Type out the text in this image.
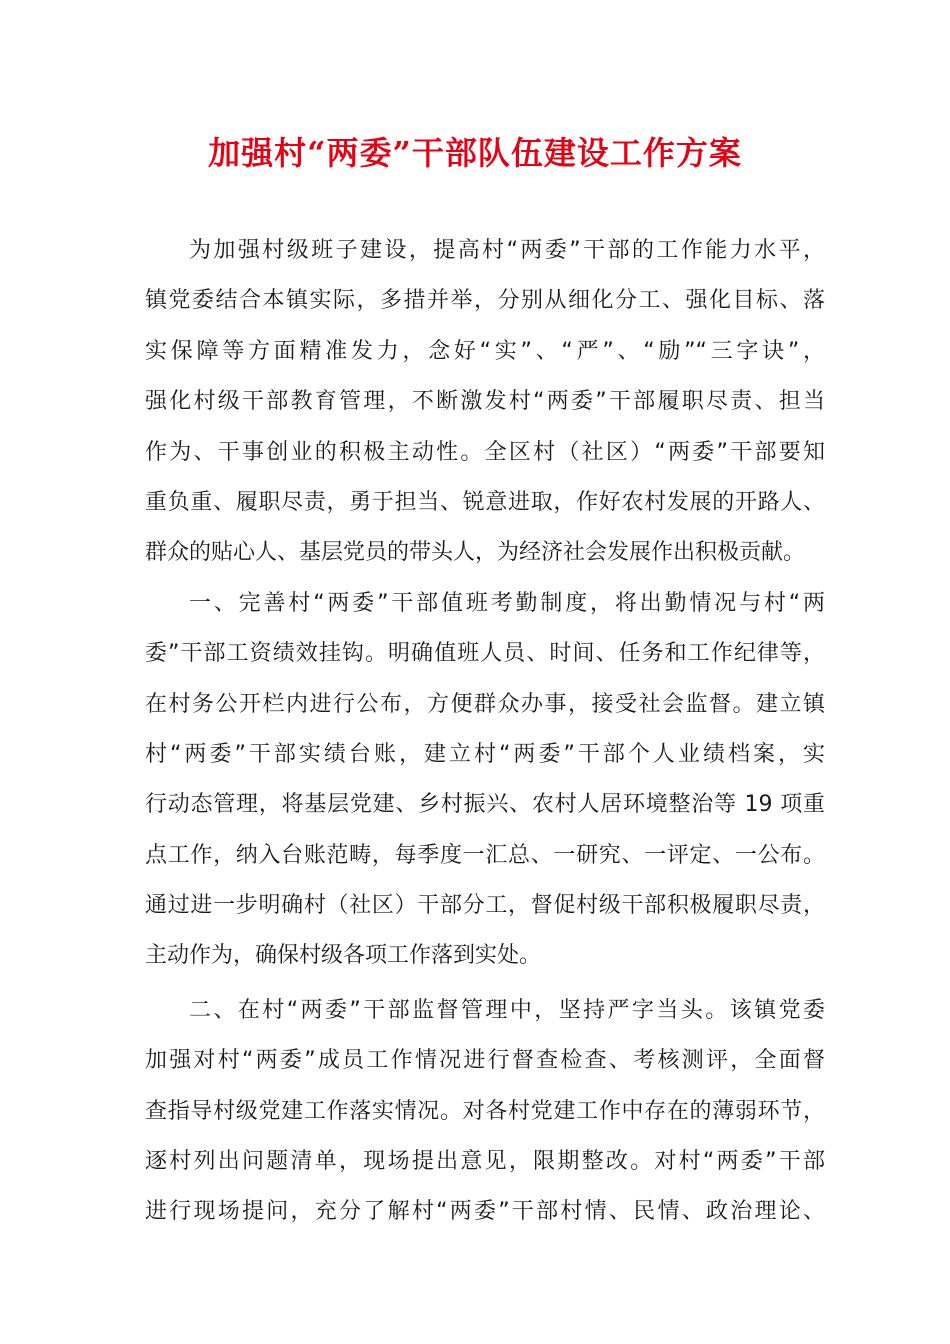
加强村“两委”干部队伍建设工作方案
为加强村级班子建设，提高村“两委”干部的工作能力水平，
镇党委结合本镇实际，多措并举，分别从细化分工、强化目标、落
实保障等方面精准发力，念好“实”、“严”、“励”“三字诀”，
强化村级干部教育管理，不断激发村“两委”干部履职尽责、担当
作为、干事创业的积极主动性。全区村（社区）“两委”干部要知
重负重、履职尽责，勇于担当、锐意进取，作好农村发展的开路人、
群众的贴心人、基层党员的带头人，为经济社会发展作出积极贡献。
一、完善村“两委”干部值班考勤制度，将出勤情况与村“两
委”干部工资绩效挂钩。明确值班人员、时间、任务和工作纪律等，
在村务公开栏内进行公布，方便群众办事，接受社会监督。建立镇
村“两委”干部实绩台账，建立村“两委”干部个人业绩档案，实
行动态管理，将基层党建、乡村振兴、农村人居环境整治等 19 项重
点工作，纳入台账范畴，每季度一汇总、一研究、一评定、一公布。
通过进一步明确村（社区）干部分工，督促村级干部积极履职尽责，
主动作为，确保村级各项工作落到实处。
二、在村“两委”干部监督管理中，坚持严字当头。该镇党委
加强对村“两委”成员工作情况进行督查检查、考核测评，全面督
查指导村级党建工作落实情况。对各村党建工作中存在的薄弱环节，
逐村列出问题清单，现场提出意见，限期整改。对村“两委”干部
进行现场提问，充分了解村“两委”干部村情、民情、政治理论、
